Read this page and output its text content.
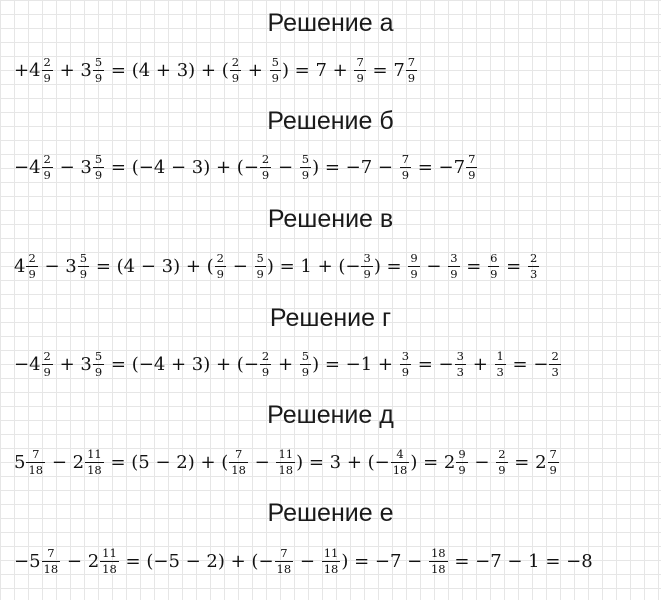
Решение а
$+4 \frac{2}{9} + 3 \frac{5}{9} = (4 + 3)$ + ( $\frac{2}{9} + \frac{5}{9}$ ) = $7 + \frac{7}{9} = 7 \frac{7}{9}$
Решение б
$-4 \frac{2}{9} - 3 \frac{5}{9} = (-4 - 3)$ + (− $\frac{2}{9} - \frac{5}{9}$ ) = $-7 - \frac{7}{9} = -7 \frac{7}{9}$
Решение в
$4 \frac{2}{9} - 3 \frac{5}{9} = (4 - 3)$ + ( $\frac{2}{9} - \frac{5}{9}$ ) = 1 + (− $\frac{3}{9}$ ) = $\frac{9}{9} - \frac{3}{9} = \frac{6}{9} = \frac{2}{3}$
Решение г
$-4 \frac{2}{9} + 3 \frac{5}{9} = (-4 + 3)$ + (− $\frac{2}{9} + \frac{5}{9}$ ) = $-1 + \frac{3}{9}$ = − $\frac{3}{3} + \frac{1}{3}$ = − $\frac{2}{3}$
Решение д
$5 \frac{7}{18} - 2 \frac{11}{18} = (5 - 2)$ + ( $\frac{7}{18} - \frac{11}{18}$ ) = 3 + (− $\frac{4}{18}$ ) = $2 \frac{9}{9} - \frac{2}{9} = 2 \frac{7}{9}$
Решение е
$-5 \frac{7}{18} - 2 \frac{11}{18} = (-5 - 2)$ + (− $\frac{7}{18} - \frac{11}{18}$ ) = $-7 - \frac{18}{18} = -7 - 1 = -8$
